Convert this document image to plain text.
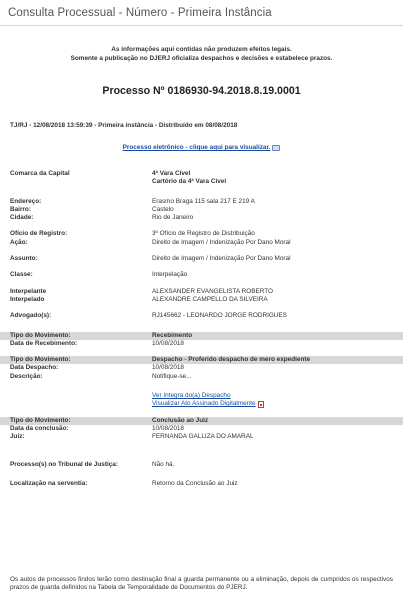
Consulta Processual - Número - Primeira Instância
As informações aqui contidas não produzem efeitos legais.
Somente a publicação no DJERJ oficializa despachos e decisões e estabelece prazos.
Processo Nº 0186930-94.2018.8.19.0001
TJ/RJ - 12/08/2018 13:59:39 - Primeira instância - Distribuído em 08/08/2018
Processo eletrônico - clique aqui para visualizar.
Comarca da Capital	4ª Vara Cível
Cartório da 4ª Vara Cível
Endereço:	Erasmo Braga 115 sala 217 E 219 A
Bairro:	Castelo
Cidade:	Rio de Janeiro
Ofício de Registro:	3º Ofício de Registro de Distribuição
Ação:	Direito de Imagem / Indenização Por Dano Moral
Assunto:	Direito de Imagem / Indenização Por Dano Moral
Classe:	Interpelação
Interpelante	ALEXSANDER EVANGELISTA ROBERTO
Interpelado	ALEXANDRE CAMPELLO DA SILVEIRA
Advogado(s):	RJ145662 - LEONARDO JORGE RODRIGUES
Tipo do Movimento:	Recebimento
Data de Recebimento:	10/08/2018
Tipo do Movimento:	Despacho - Proferido despacho de mero expediente
Data Despacho:	10/08/2018
Descrição:	Notifique-se...
Ver íntegra do(a) Despacho
Visualizar Ato Assinado Digitalmente
Tipo do Movimento:	Conclusão ao Juiz
Data da conclusão:	10/08/2018
Juiz:	FERNANDA GALLIZA DO AMARAL
Processo(s) no Tribunal de Justiça:	Não há.
Localização na serventia:	Retorno da Conclusão ao Juiz
Os autos de processos findos terão como destinação final a guarda permanente ou a eliminação, depois de cumpridos os respectivos prazos de guarda definidos na Tabela de Temporalidade de Documentos do PJERJ.
